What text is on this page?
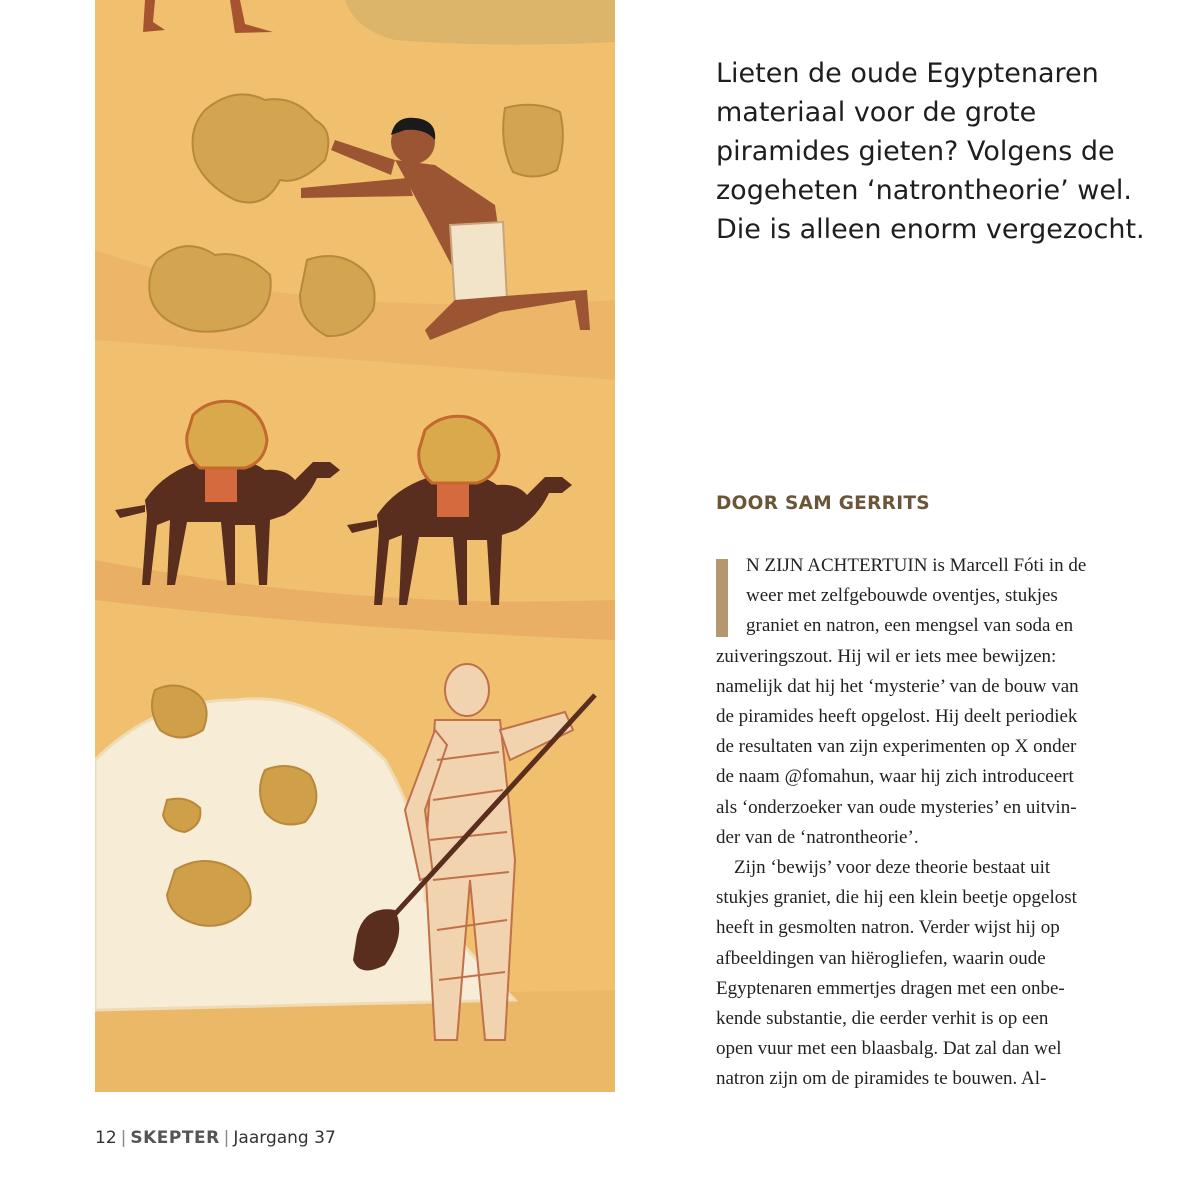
Lieten de oude Egyptenaren materiaal voor de grote piramides gieten? Volgens de zogeheten ‘natrontheorie’ wel. Die is alleen enorm vergezocht.

DOOR SAM GERRITS

N ZIJN ACHTERTUIN is Marcell Fóti in de
weer met zelfgebouwde oventjes, stukjes
graniet en natron, een mengsel van soda en
zuiveringszout. Hij wil er iets mee bewijzen:
namelijk dat hij het ‘mysterie’ van de bouw van
de piramides heeft opgelost. Hij deelt periodiek
de resultaten van zijn experimenten op X onder
de naam @fomahun, waar hij zich introduceert
als ‘onderzoeker van oude mysteries’ en uitvin-
der van de ‘natrontheorie’.

Zijn ‘bewijs’ voor deze theorie bestaat uit
stukjes graniet, die hij een klein beetje opgelost
heeft in gesmolten natron. Verder wijst hij op
afbeeldingen van hiërogliefen, waarin oude
Egyptenaren emmertjes dragen met een onbe-
kende substantie, die eerder verhit is op een
open vuur met een blaasbalg. Dat zal dan wel
natron zijn om de piramides te bouwen. Al-

12 | SKEPTER | Jaargang 37
